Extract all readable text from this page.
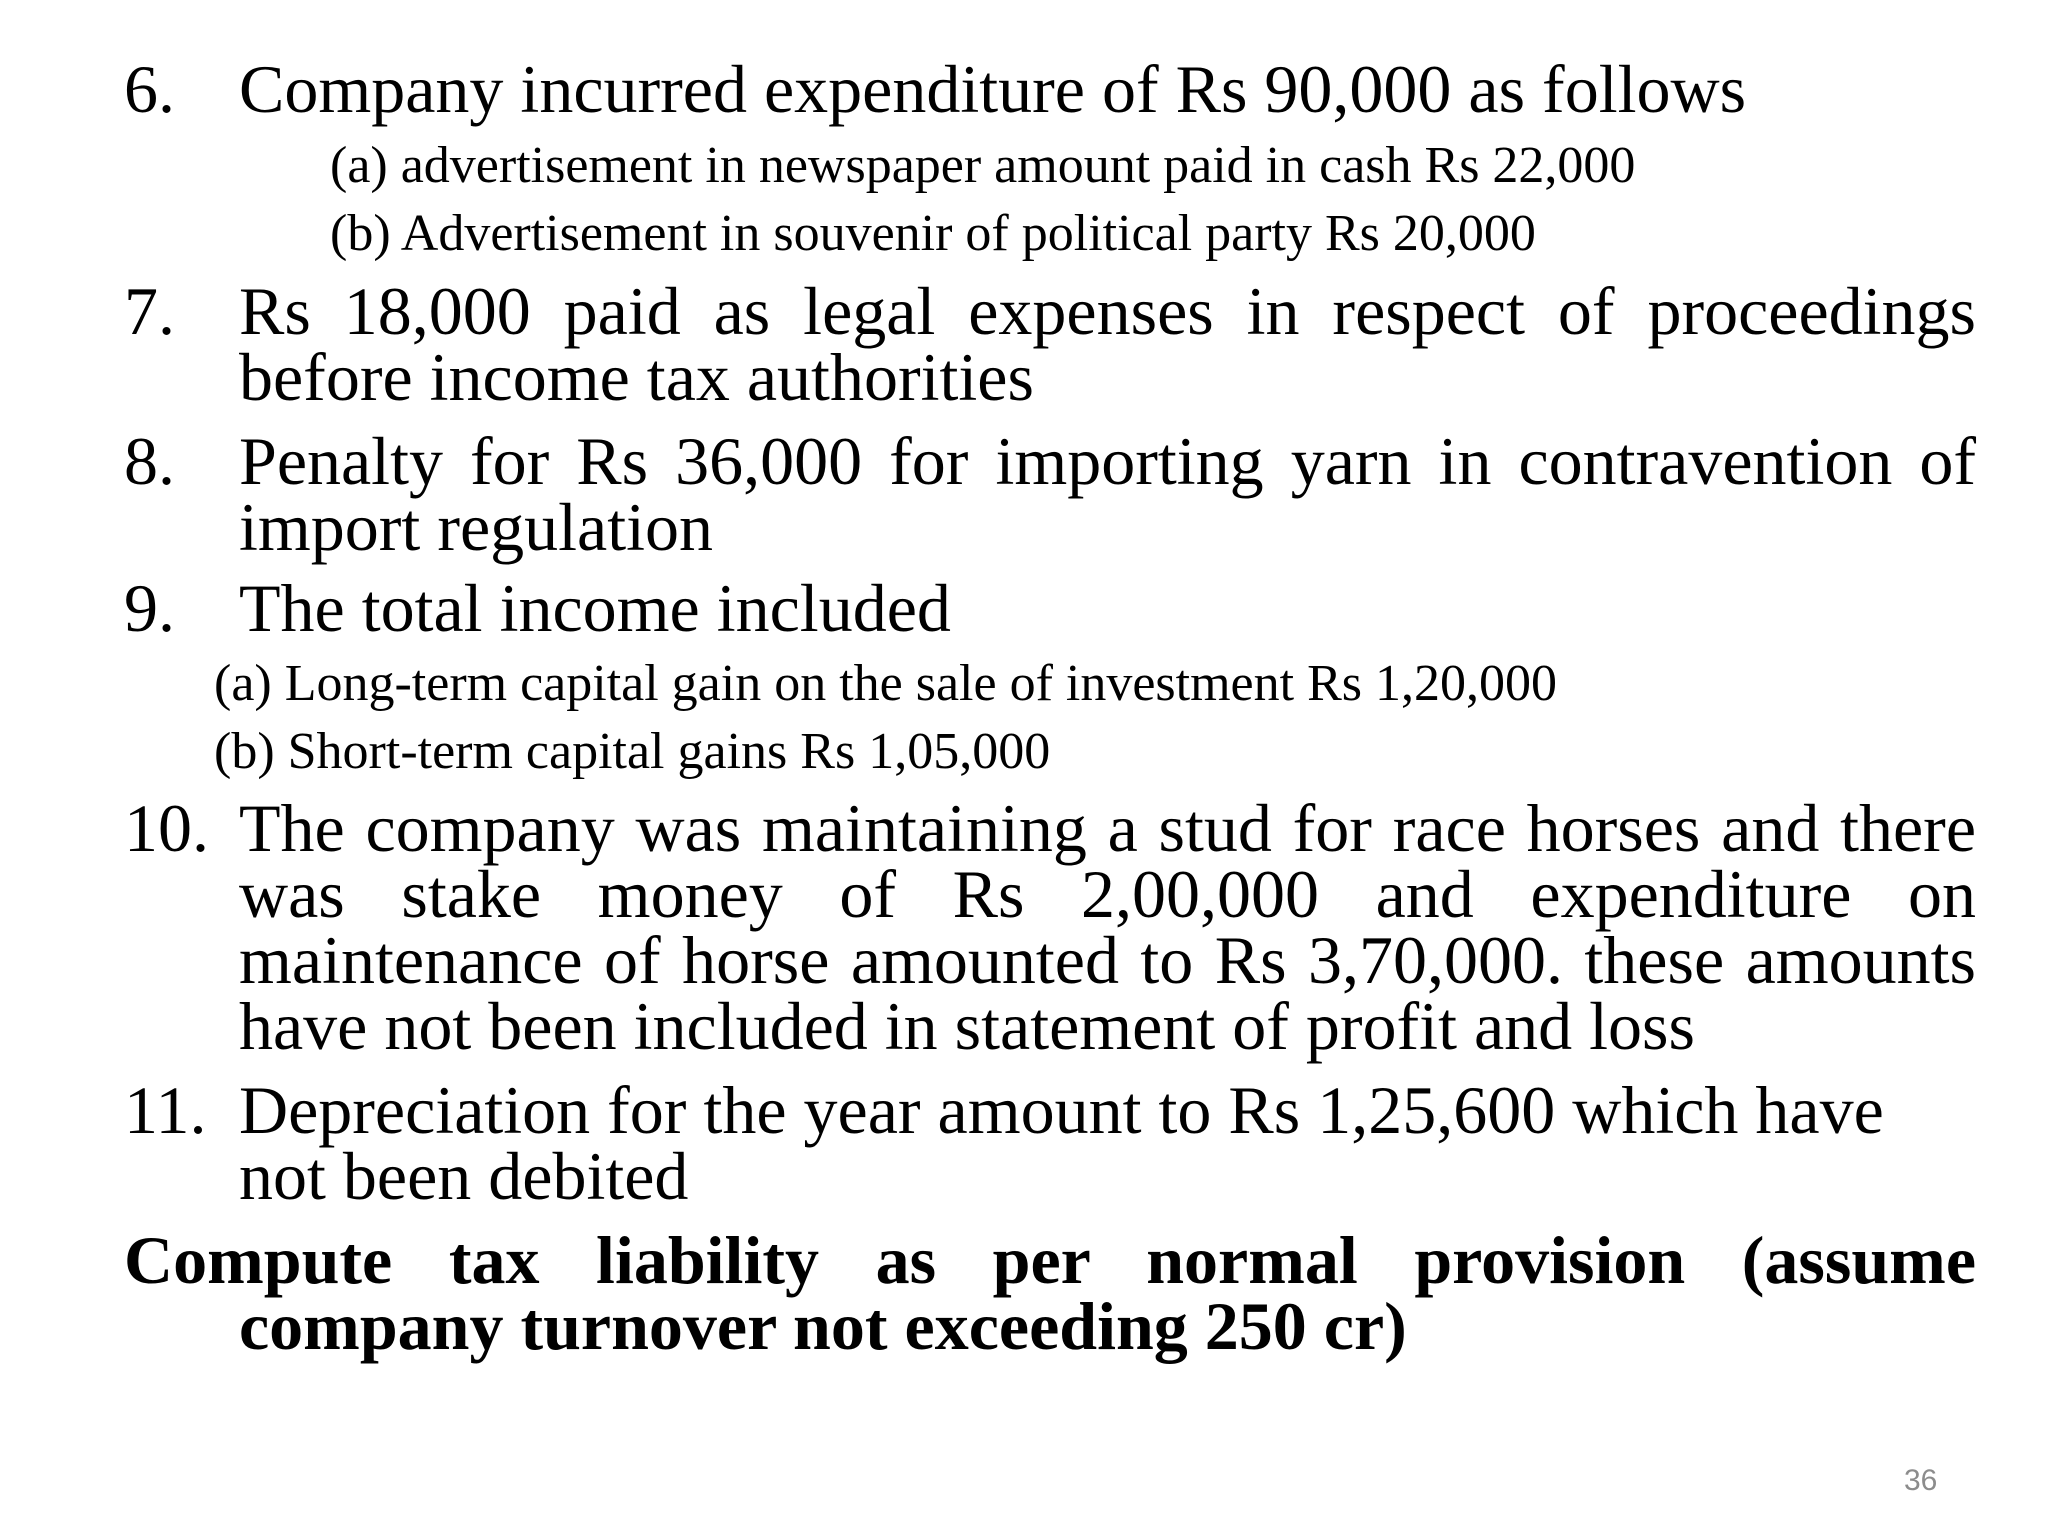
6. Company incurred expenditure of Rs 90,000 as follows
(a) advertisement in newspaper amount paid in cash Rs 22,000
(b) Advertisement in souvenir of political party Rs 20,000
7. Rs 18,000 paid as legal expenses in respect of proceedings before income tax authorities
8. Penalty for Rs 36,000 for importing yarn in contravention of import regulation
9. The total income included
(a) Long-term capital gain on the sale of investment Rs 1,20,000
(b) Short-term capital gains Rs 1,05,000
10. The company was maintaining a stud for race horses and there was stake money of Rs 2,00,000 and expenditure on maintenance of horse amounted to Rs 3,70,000. these amounts have not been included in statement of profit and loss
11. Depreciation for the year amount to Rs 1,25,600 which have not been debited
Compute tax liability as per normal provision (assume
company turnover not exceeding 250 cr)
36
